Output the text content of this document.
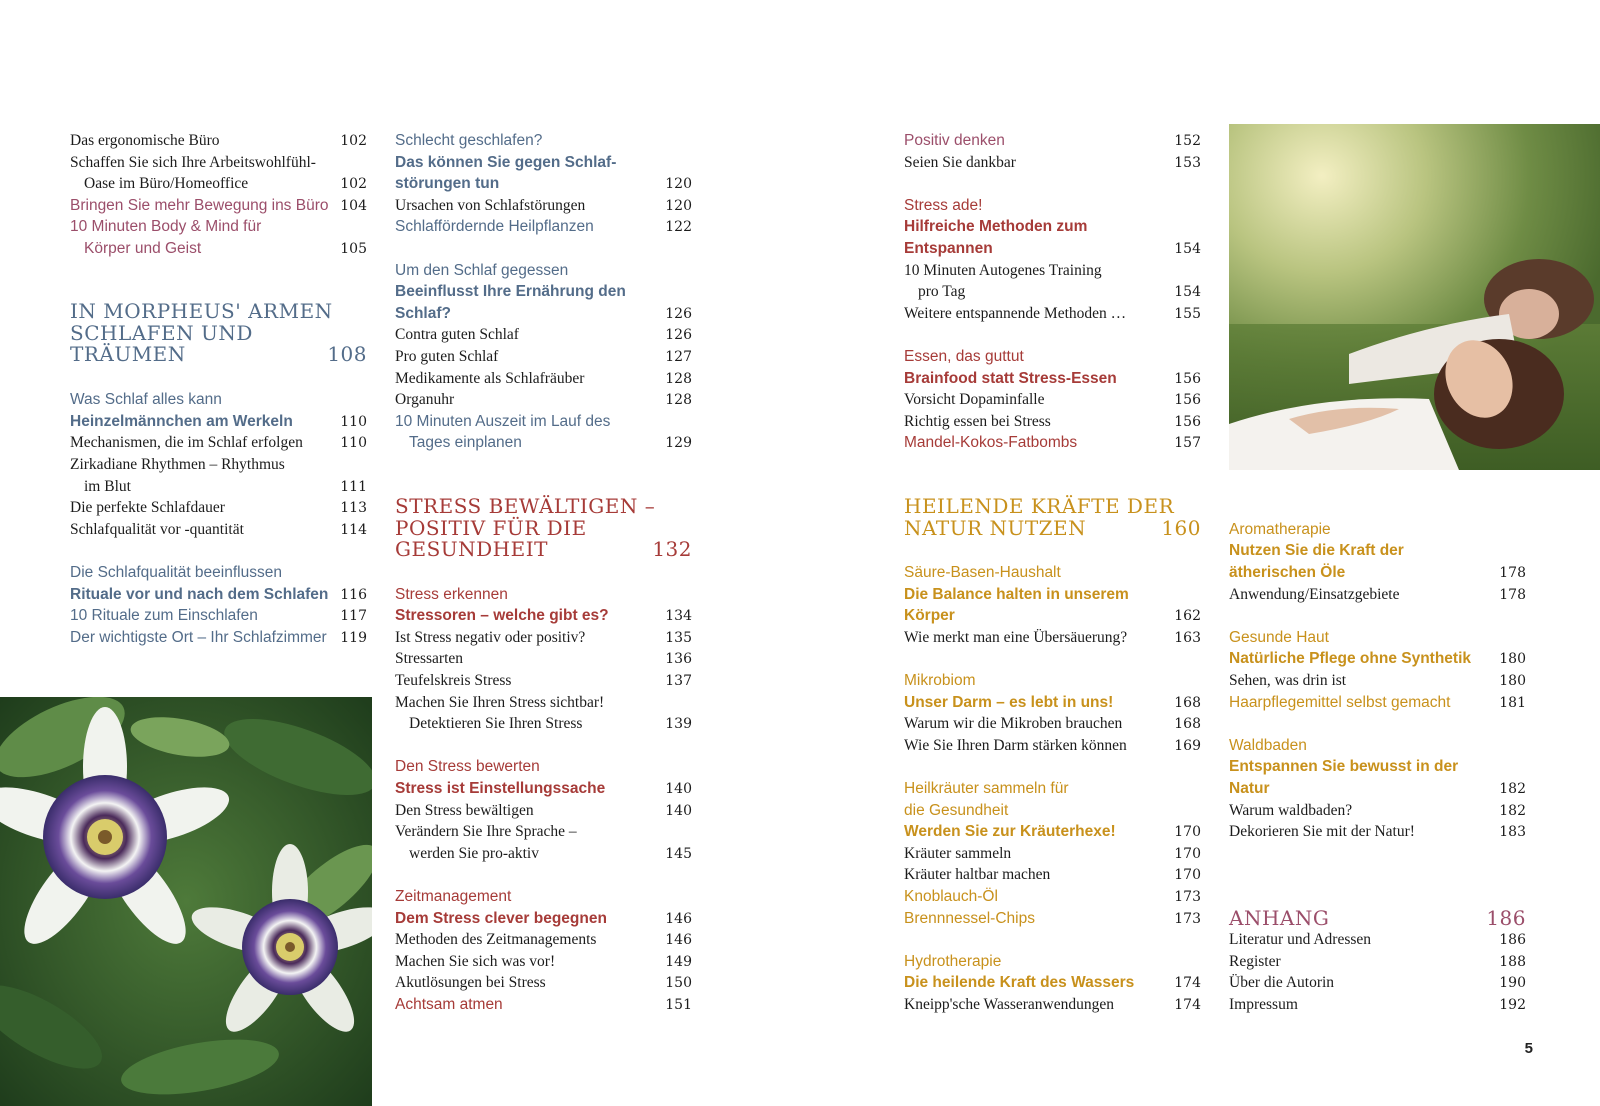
Das ergonomische Büro	102
Schaffen Sie sich Ihre Arbeitswohlfühl-
Oase im Büro/Homeoffice	102
Bringen Sie mehr Bewegung ins Büro 104
10 Minuten Body & Mind für
Körper und Geist	105
IN MORPHEUS' ARMEN
SCHLAFEN UND
TRÄUMEN	108
Was Schlaf alles kann
Heinzelmännchen am Werkeln	110
Mechanismen, die im Schlaf erfolgen	110
Zirkadiane Rhythmen – Rhythmus
im Blut	111
Die perfekte Schlafdauer	113
Schlafqualität vor -quantität	114
Die Schlafqualität beeinflussen
Rituale vor und nach dem Schlafen 116
10 Rituale zum Einschlafen	117
Der wichtigste Ort – Ihr Schlafzimmer 119
Schlecht geschlafen?
Das können Sie gegen Schlaf-
störungen tun	120
Ursachen von Schlafstörungen	120
Schlaffördernde Heilpflanzen	122
Um den Schlaf gegessen
Beeinflusst Ihre Ernährung den
Schlaf?	126
Contra guten Schlaf	126
Pro guten Schlaf	127
Medikamente als Schlafräuber	128
Organuhr	128
10 Minuten Auszeit im Lauf des
Tages einplanen	129
STRESS BEWÄLTIGEN –
POSITIV FÜR DIE
GESUNDHEIT	132
Stress erkennen
Stressoren – welche gibt es?	134
Ist Stress negativ oder positiv?	135
Stressarten	136
Teufelskreis Stress	137
Machen Sie Ihren Stress sichtbar!
Detektieren Sie Ihren Stress	139
Den Stress bewerten
Stress ist Einstellungssache	140
Den Stress bewältigen	140
Verändern Sie Ihre Sprache –
werden Sie pro-aktiv	145
Zeitmanagement
Dem Stress clever begegnen	146
Methoden des Zeitmanagements	146
Machen Sie sich was vor!	149
Akutlösungen bei Stress	150
Achtsam atmen	151
Positiv denken	152
Seien Sie dankbar	153
Stress ade!
Hilfreiche Methoden zum
Entspannen	154
10 Minuten Autogenes Training
pro Tag	154
Weitere entspannende Methoden …	155
Essen, das guttut
Brainfood statt Stress-Essen	156
Vorsicht Dopaminfalle	156
Richtig essen bei Stress	156
Mandel-Kokos-Fatbombs	157
HEILENDE KRÄFTE DER
NATUR NUTZEN	160
Säure-Basen-Haushalt
Die Balance halten in unserem
Körper	162
Wie merkt man eine Übersäuerung?	163
Mikrobiom
Unser Darm – es lebt in uns!	168
Warum wir die Mikroben brauchen	168
Wie Sie Ihren Darm stärken können	169
Heilkräuter sammeln für
die Gesundheit
Werden Sie zur Kräuterhexe!	170
Kräuter sammeln	170
Kräuter haltbar machen	170
Knoblauch-Öl	173
Brennnessel-Chips	173
Hydrotherapie
Die heilende Kraft des Wassers	174
Kneipp'sche Wasseranwendungen	174
Aromatherapie
Nutzen Sie die Kraft der
ätherischen Öle	178
Anwendung/Einsatzgebiete	178
Gesunde Haut
Natürliche Pflege ohne Synthetik 180
Sehen, was drin ist	180
Haarpflegemittel selbst gemacht	181
Waldbaden
Entspannen Sie bewusst in der
Natur	182
Warum waldbaden?	182
Dekorieren Sie mit der Natur!	183
ANHANG	186
Literatur und Adressen	186
Register	188
Über die Autorin	190
Impressum	192
5
